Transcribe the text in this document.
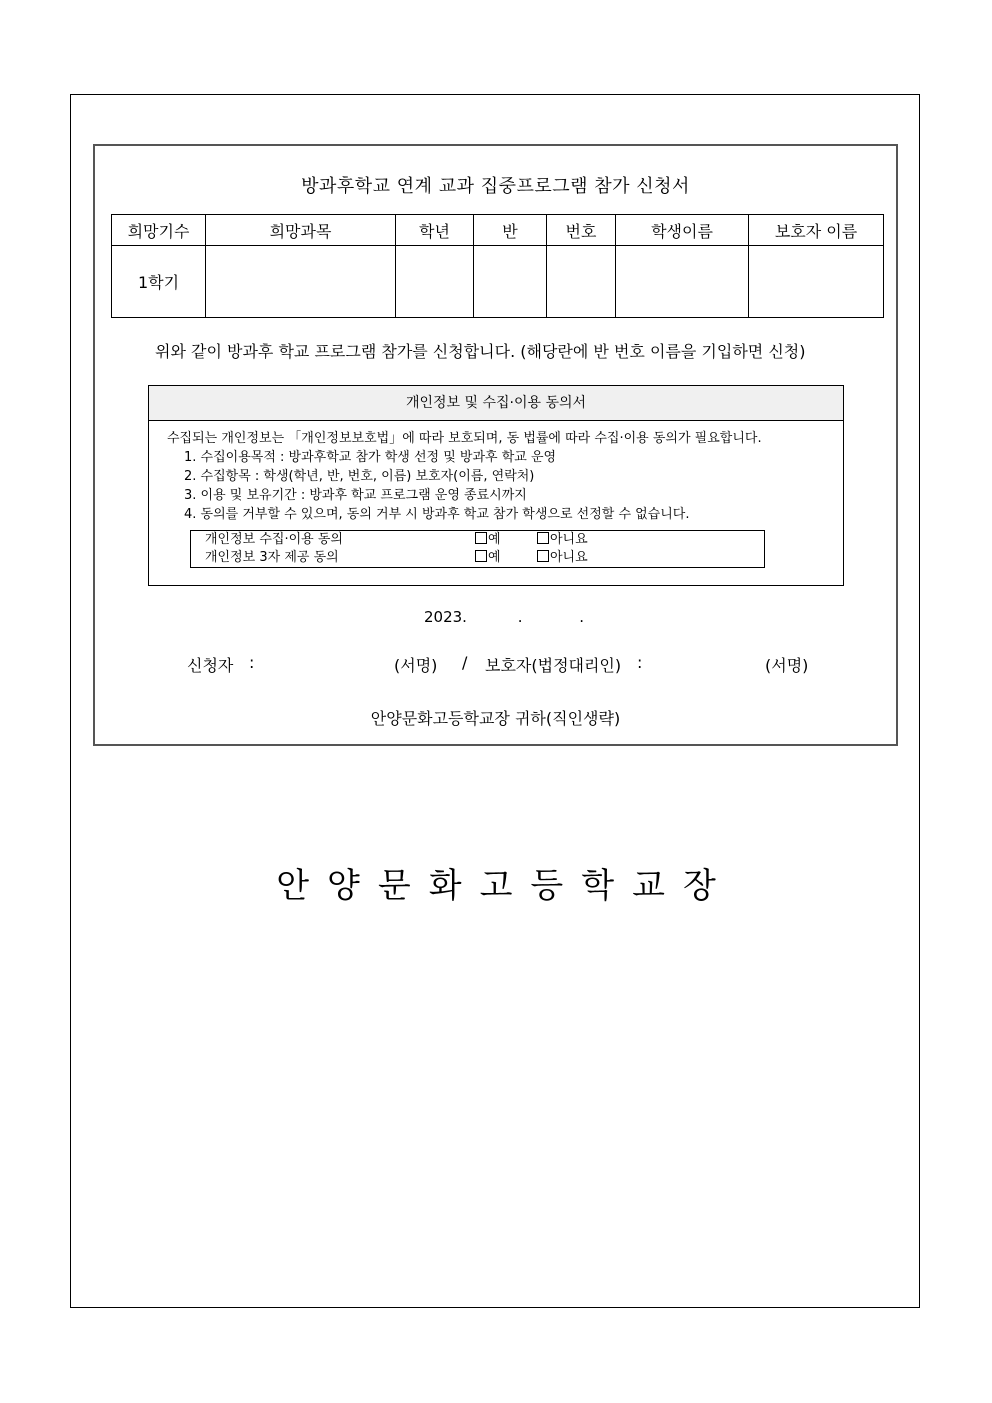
방과후학교 연계 교과 집중프로그램 참가 신청서
희망기수	희망과목	학년	반	번호	학생이름	보호자 이름
1학기						
위와 같이 방과후 학교 프로그램 참가를 신청합니다. (해당란에 반 번호 이름을 기입하면 신청)
개인정보 및 수집·이용 동의서
수집되는 개인정보는 「개인정보보호법」에 따라 보호되며, 동 법률에 따라 수집·이용 동의가 필요합니다.
1. 수집이용목적 : 방과후학교 참가 학생 선정 및 방과후 학교 운영
2. 수집항목 : 학생(학년, 반, 번호, 이름) 보호자(이름, 연락처)
3. 이용 및 보유기간 : 방과후 학교 프로그램 운영 종료시까지
4. 동의를 거부할 수 있으며, 동의 거부 시 방과후 학교 참가 학생으로 선정할 수 없습니다.
개인정보 수집·이용 동의	예	아니요
개인정보 3자 제공 동의	예	아니요
2023.	.	.
신청자 :	(서명) / 보호자(법정대리인) :	(서명)
안양문화고등학교장 귀하(직인생략)
안양문화고등학교장
